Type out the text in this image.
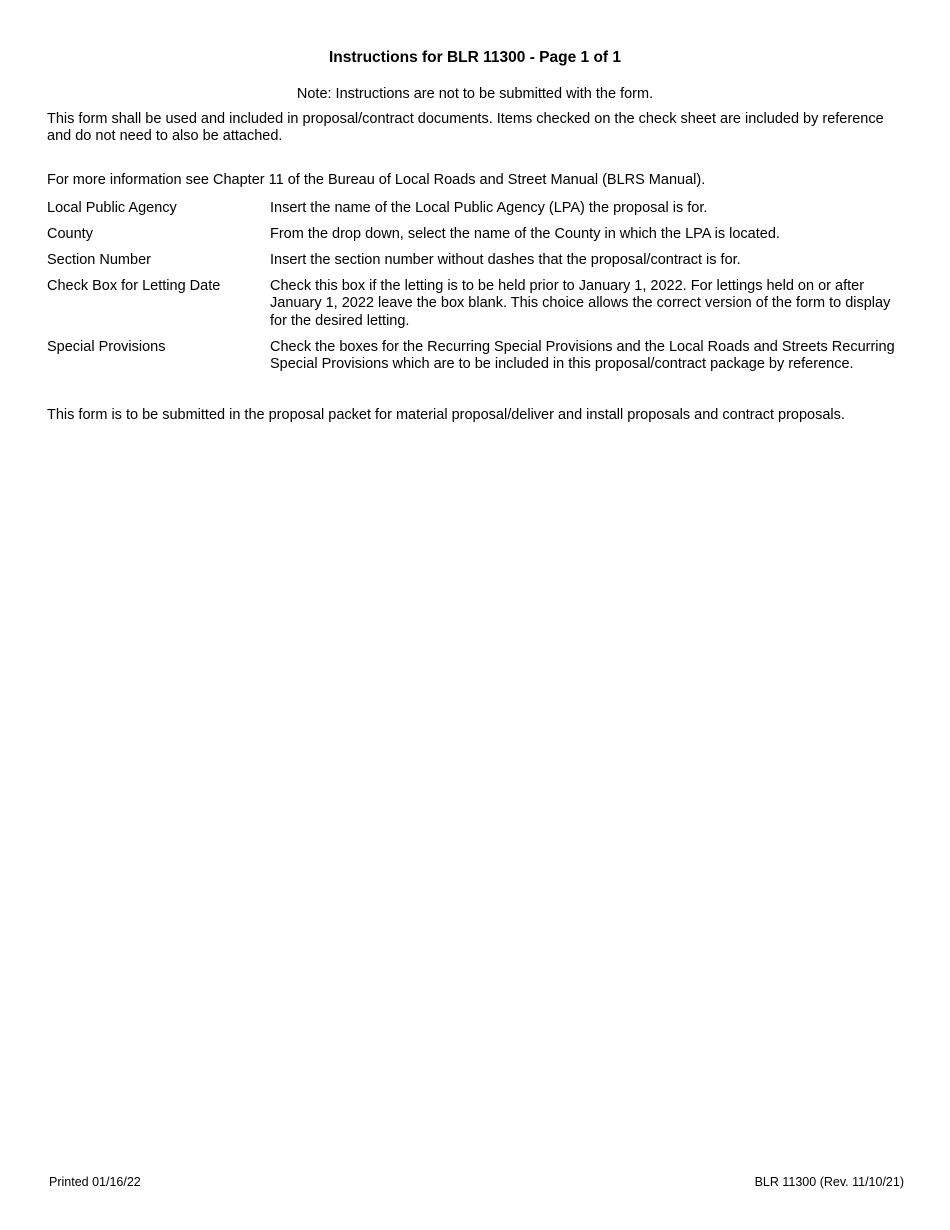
Instructions for BLR 11300 - Page 1 of 1

Note: Instructions are not to be submitted with the form.

This form shall be used and included in proposal/contract documents. Items checked on the check sheet are included by reference and do not need to also be attached.

For more information see Chapter 11 of the Bureau of Local Roads and Street Manual (BLRS Manual).

Local Public Agency	Insert the name of the Local Public Agency (LPA) the proposal is for.
County	From the drop down, select the name of the County in which the LPA is located.
Section Number	Insert the section number without dashes that the proposal/contract is for.
Check Box for Letting Date	Check this box if the letting is to be held prior to January 1, 2022. For lettings held on or after January 1, 2022 leave the box blank. This choice allows the correct version of the form to display for the desired letting.
Special Provisions	Check the boxes for the Recurring Special Provisions and the Local Roads and Streets Recurring Special Provisions which are to be included in this proposal/contract package by reference.

This form is to be submitted in the proposal packet for material proposal/deliver and install proposals and contract proposals.

Printed 01/16/22	BLR 11300 (Rev. 11/10/21)
